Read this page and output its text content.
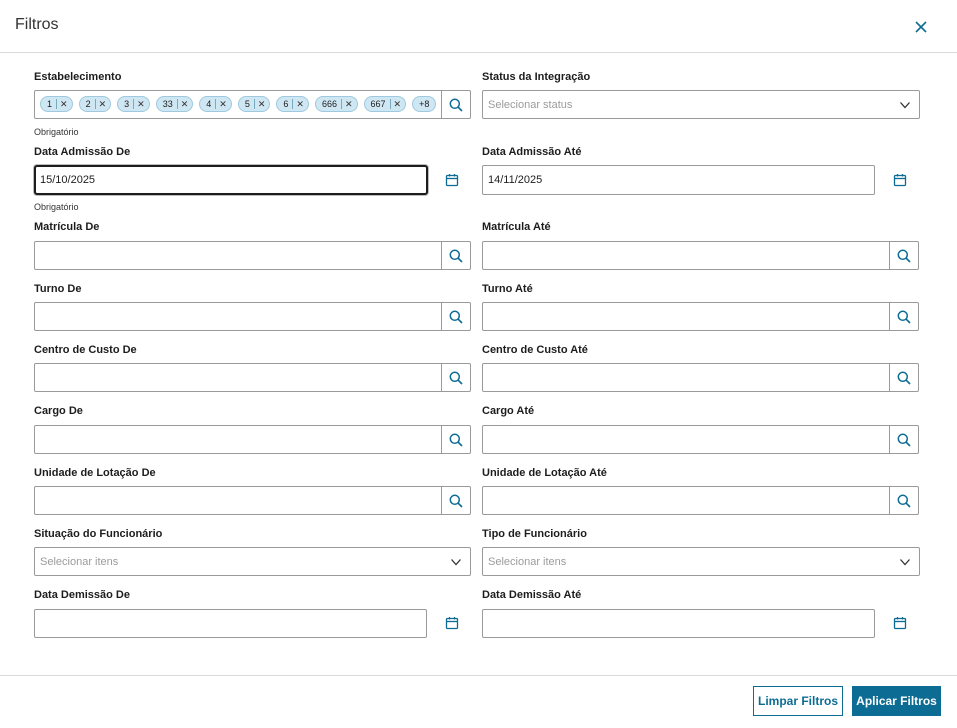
Filtros
Estabelecimento
1 ✕ 2 ✕ 3 ✕ 33 ✕ 4 ✕ 5 ✕ 6 ✕ 666 ✕ 667 ✕	+8
Obrigatório
Status da Integração
Selecionar status
Data Admissão De
15/10/2025
Obrigatório
Data Admissão Até
14/11/2025
Matrícula De	Matrícula Até
Turno De	Turno Até
Centro de Custo De	Centro de Custo Até
Cargo De	Cargo Até
Unidade de Lotação De	Unidade de Lotação Até
Situação do Funcionário
Selecionar itens
Tipo de Funcionário
Selecionar itens
Data Demissão De	Data Demissão Até
Limpar Filtros	Aplicar Filtros
